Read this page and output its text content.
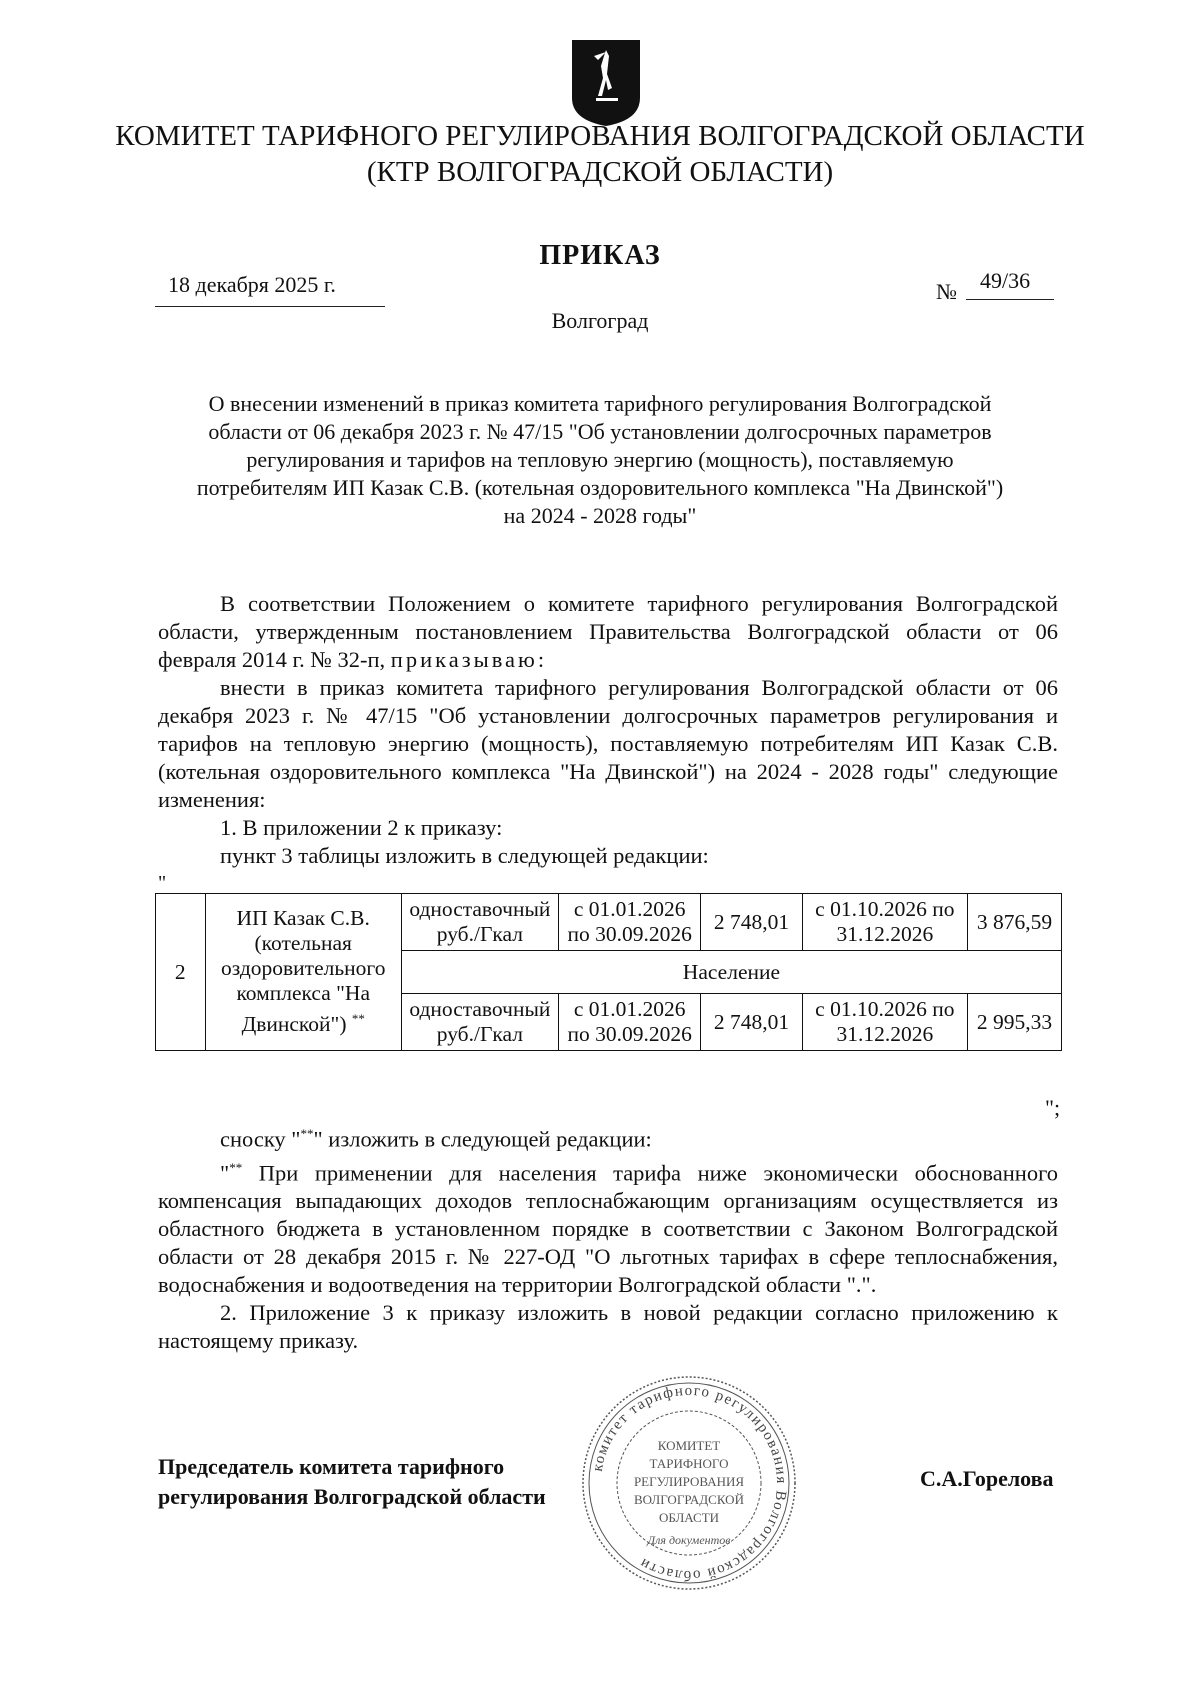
КОМИТЕТ ТАРИФНОГО РЕГУЛИРОВАНИЯ ВОЛГОГРАДСКОЙ ОБЛАСТИ
(КТР ВОЛГОГРАДСКОЙ ОБЛАСТИ)
ПРИКАЗ
18 декабря 2025 г.	№ 49/36
Волгоград
О внесении изменений в приказ комитета тарифного регулирования Волгоградской
области от 06 декабря 2023 г. № 47/15 "Об установлении долгосрочных параметров
регулирования и тарифов на тепловую энергию (мощность), поставляемую
потребителям ИП Казак С.В. (котельная оздоровительного комплекса "На Двинской")
на 2024 - 2028 годы"

В соответствии Положением о комитете тарифного регулирования Волгоградской области, утвержденным постановлением Правительства Волгоградской области от 06 февраля 2014 г. № 32-п, приказываю:

внести в приказ комитета тарифного регулирования Волгоградской области от 06 декабря 2023 г. № 47/15 "Об установлении долгосрочных параметров регулирования и тарифов на тепловую энергию (мощность), поставляемую потребителям ИП Казак С.В. (котельная оздоровительного комплекса "На Двинской") на 2024 - 2028 годы" следующие изменения:

1. В приложении 2 к приказу:

пункт 3 таблицы изложить в следующей редакции:

"
2	ИП Казак С.В. (котельная оздоровительного комплекса "На Двинской") **	одноставочный руб./Гкал	с 01.01.2026 по 30.09.2026	2 748,01	с 01.10.2026 по 31.12.2026	3 876,59
		Население				
		одноставочный руб./Гкал	с 01.01.2026 по 30.09.2026	2 748,01	с 01.10.2026 по 31.12.2026	2 995,33
";

сноску "**" изложить в следующей редакции:

"** При применении для населения тарифа ниже экономически обоснованного компенсация выпадающих доходов теплоснабжающим организациям осуществляется из областного бюджета в установленном порядке в соответствии с Законом Волгоградской области от 28 декабря 2015 г. № 227-ОД "О льготных тарифах в сфере теплоснабжения, водоснабжения и водоотведения на территории Волгоградской области ".".

2. Приложение 3 к приказу изложить в новой редакции согласно приложению к настоящему приказу.

комитет тарифного регулирования Волгоградской области
КОМИТЕТ
ТАРИФНОГО
РЕГУЛИРОВАНИЯ
ВОЛГОГРАДСКОЙ
ОБЛАСТИ
Для документов
Председатель комитета тарифного
регулирования Волгоградской области
С.А.Горелова
